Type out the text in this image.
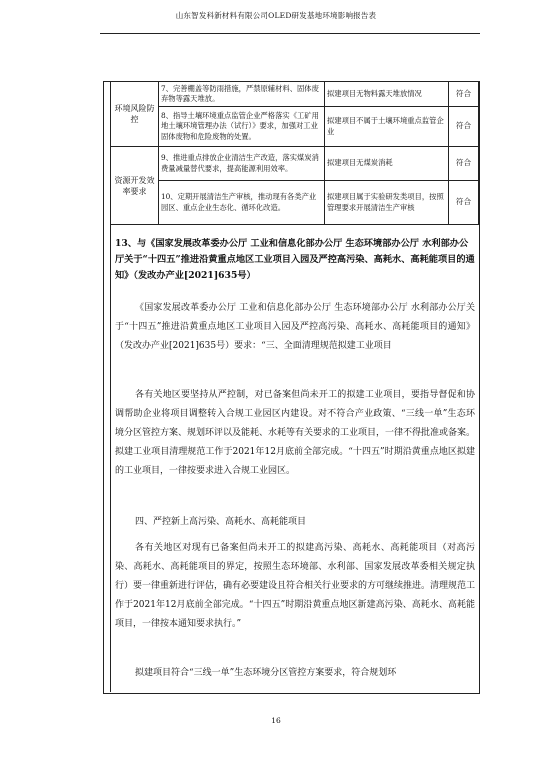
山东智发科新材料有限公司OLED研发基地环境影响报告表
环境风险防控	7、完善棚盖等防雨措施，严禁原辅材料、固体废弃物等露天堆放。	拟建项目无物料露天堆放情况	符合
	8、指导土壤环境重点监管企业严格落实《工矿用地土壤环境管理办法（试行）》要求，加强对工业固体废物和危险废物的处置。	拟建项目不属于土壤环境重点监管企业	符合
资源开发效率要求	9、推进重点排放企业清洁生产改造，落实煤炭消费量减量替代要求，提高能源利用效率。	拟建项目无煤炭消耗	符合
	10、定期开展清洁生产审核，推动现有各类产业园区、重点企业生态化、循环化改造。	拟建项目属于实验研发类项目，按照管理要求开展清洁生产审核	符合
13、与《国家发展改革委办公厅 工业和信息化部办公厅 生态环境部办公厅 水利部办公厅关于“十四五”推进沿黄重点地区工业项目入园及严控高污染、高耗水、高耗能项目的通知》（发改办产业[2021]635号）
《国家发展改革委办公厅 工业和信息化部办公厅 生态环境部办公厅 水利部办公厅关于“十四五”推进沿黄重点地区工业项目入园及严控高污染、高耗水、高耗能项目的通知》（发改办产业[2021]635号）要求：“三、全面清理规范拟建工业项目
各有关地区要坚持从严控制，对已备案但尚未开工的拟建工业项目，要指导督促和协调帮助企业将项目调整转入合规工业园区内建设。对不符合产业政策、“三线一单”生态环境分区管控方案、规划环评以及能耗、水耗等有关要求的工业项目，一律不得批准或备案。拟建工业项目清理规范工作于2021年12月底前全部完成。“十四五”时期沿黄重点地区拟建的工业项目，一律按要求进入合规工业园区。
四、严控新上高污染、高耗水、高耗能项目
各有关地区对现有已备案但尚未开工的拟建高污染、高耗水、高耗能项目（对高污染、高耗水、高耗能项目的界定，按照生态环境部、水利部、国家发展改革委相关规定执行）要一律重新进行评估，确有必要建设且符合相关行业要求的方可继续推进。清理规范工作于2021年12月底前全部完成。“十四五”时期沿黄重点地区新建高污染、高耗水、高耗能项目，一律按本通知要求执行。”
拟建项目符合“三线一单”生态环境分区管控方案要求，符合规划环
16
